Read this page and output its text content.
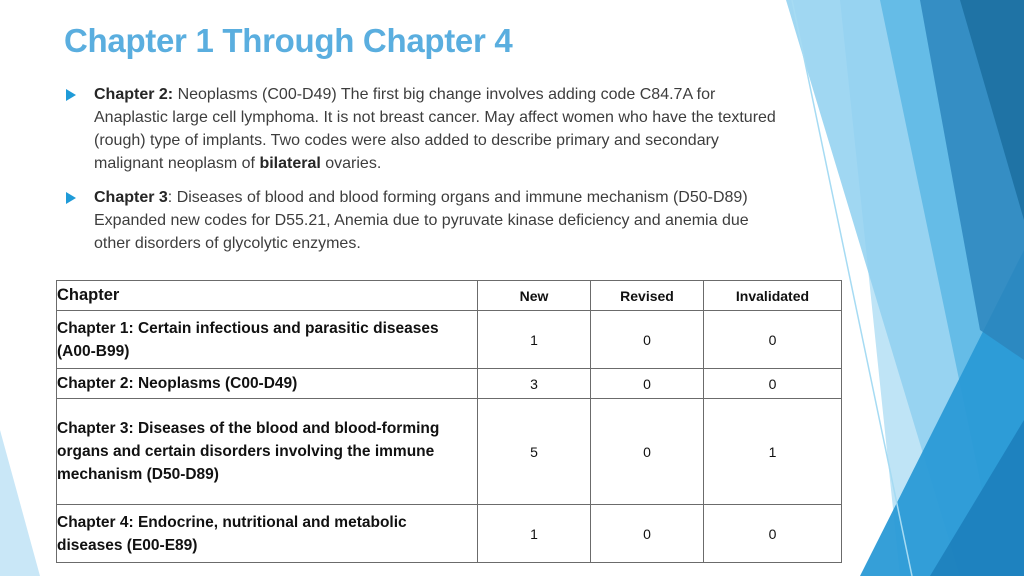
Chapter 1 Through Chapter 4
Chapter 2: Neoplasms (C00-D49) The first big change involves adding code C84.7A for Anaplastic large cell lymphoma. It is not breast cancer. May affect women who have the textured (rough) type of implants. Two codes were also added to describe primary and secondary malignant neoplasm of bilateral ovaries.
Chapter 3: Diseases of blood and blood forming organs and immune mechanism (D50-D89) Expanded new codes for D55.21, Anemia due to pyruvate kinase deficiency and anemia due other disorders of glycolytic enzymes.
Chapter	New	Revised	Invalidated
Chapter 1: Certain infectious and parasitic diseases (A00-B99)	1	0	0
Chapter 2: Neoplasms (C00-D49)	3	0	0
Chapter 3: Diseases of the blood and blood-forming organs and certain disorders involving the immune mechanism (D50-D89)	5	0	1
Chapter 4: Endocrine, nutritional and metabolic diseases (E00-E89)	1	0	0
